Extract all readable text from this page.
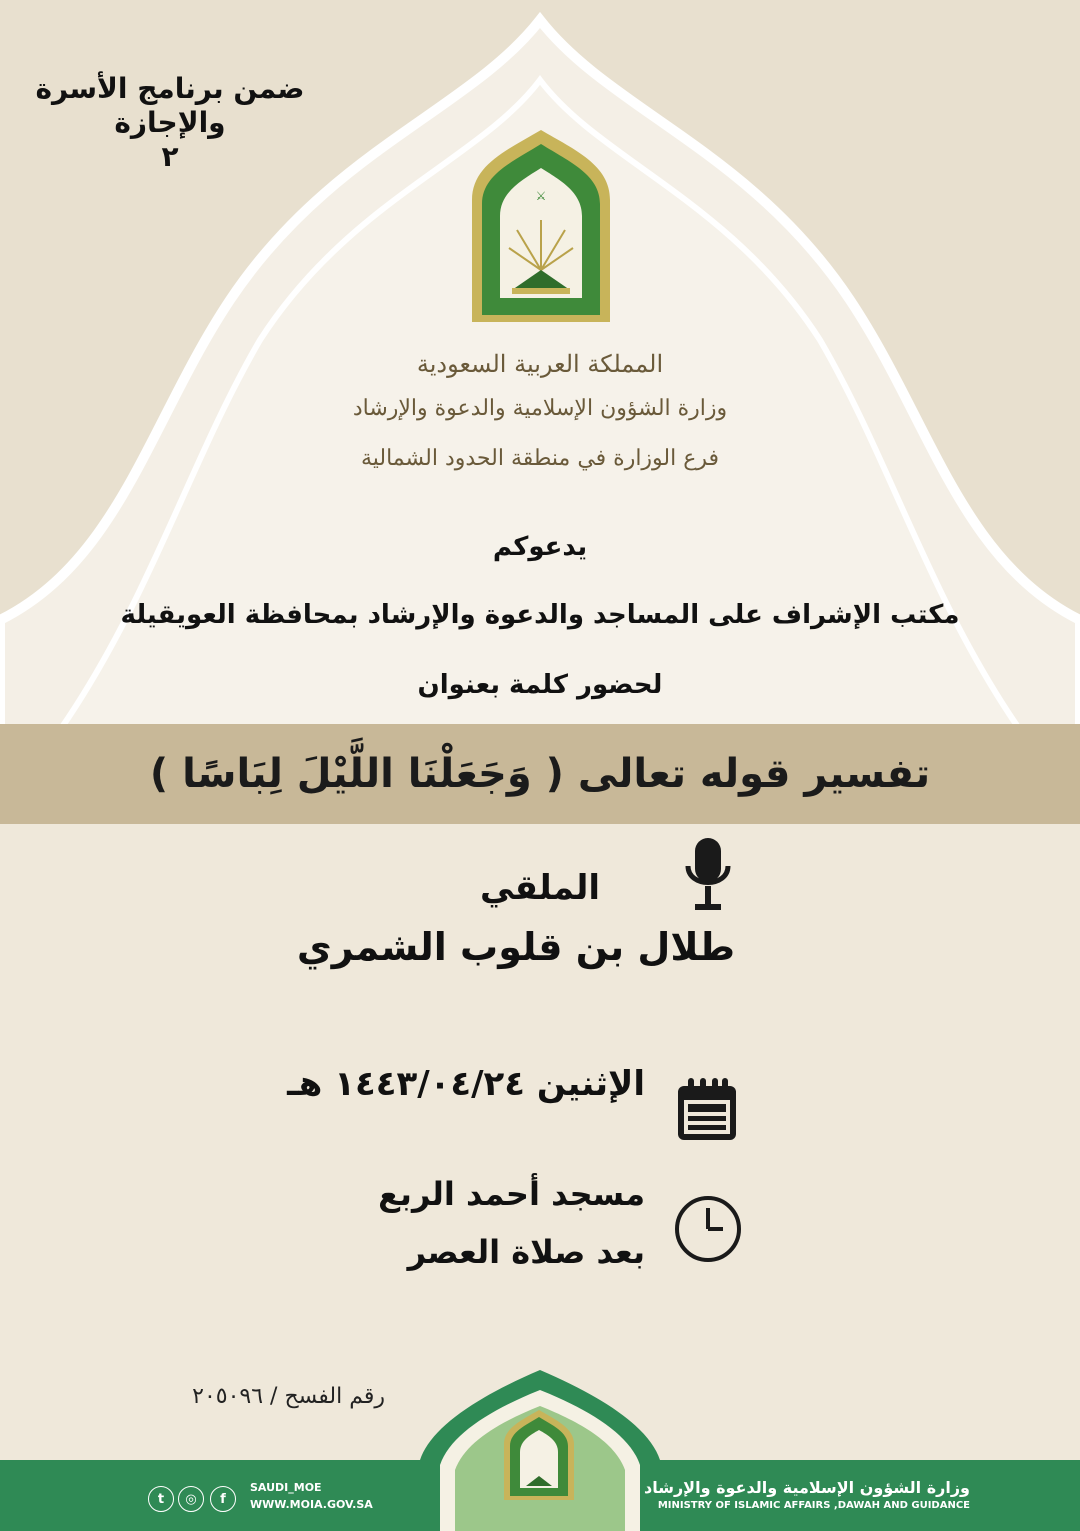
ضمن برنامج الأسرة
والإجازة
٢
⚔
المملكة العربية السعودية
وزارة الشؤون الإسلامية والدعوة والإرشاد
فرع الوزارة في منطقة الحدود الشمالية
يدعوكم
مكتب الإشراف على المساجد والدعوة والإرشاد بمحافظة العويقيلة
لحضور كلمة بعنوان
تفسير قوله تعالى ( وَجَعَلْنَا اللَّيْلَ لِبَاسًا )
الملقي
طلال بن قلوب الشمري
الإثنين ١٤٤٣/٠٤/٢٤ هـ
مسجد أحمد الربع
بعد صلاة العصر
رقم الفسح / ٢٠٥٠٩٦
وزارة الشؤون الإسلامية والدعوة والإرشاد
MINISTRY OF ISLAMIC AFFAIRS ,DAWAH AND GUIDANCE
SAUDI_MOE
WWW.MOIA.GOV.SA
t	◎	f
